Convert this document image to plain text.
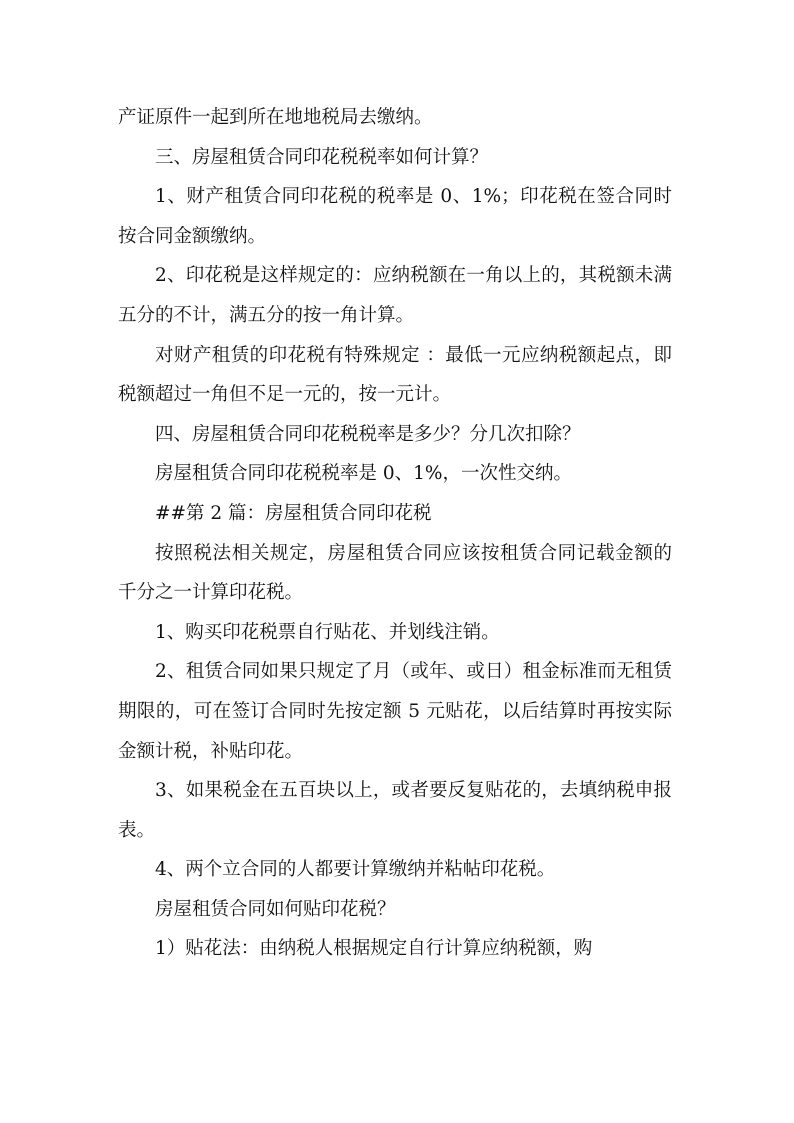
产证原件一起到所在地地税局去缴纳。

三、房屋租赁合同印花税税率如何计算？

1、财产租赁合同印花税的税率是 0、1%；印花税在签合同时按合同金额缴纳。

2、印花税是这样规定的：应纳税额在一角以上的，其税额未满五分的不计，满五分的按一角计算。

对财产租赁的印花税有特殊规定 ：最低一元应纳税额起点，即税额超过一角但不足一元的，按一元计。

四、房屋租赁合同印花税税率是多少？分几次扣除？

房屋租赁合同印花税税率是 0、1%，一次性交纳。

##第 2 篇：房屋租赁合同印花税

按照税法相关规定，房屋租赁合同应该按租赁合同记载金额的千分之一计算印花税。

1、购买印花税票自行贴花、并划线注销。

2、租赁合同如果只规定了月（或年、或日）租金标准而无租赁期限的，可在签订合同时先按定额 5 元贴花，以后结算时再按实际金额计税，补贴印花。

3、如果税金在五百块以上，或者要反复贴花的，去填纳税申报表。

4、两个立合同的人都要计算缴纳并粘帖印花税。

房屋租赁合同如何贴印花税？

1）贴花法：由纳税人根据规定自行计算应纳税额，购
